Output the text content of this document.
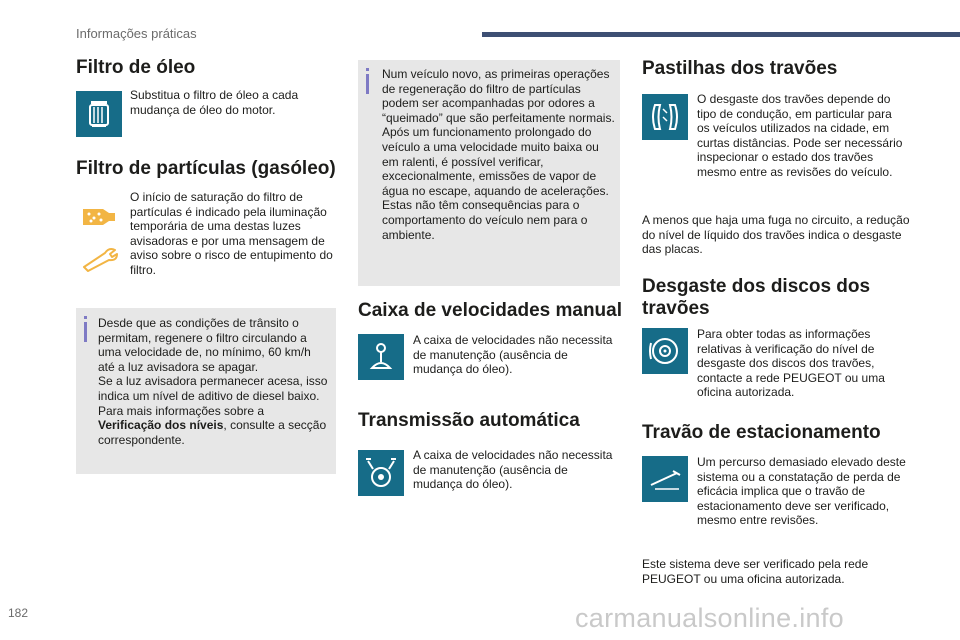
Informações práticas
Filtro de óleo

Substitua o filtro de óleo a cada mudança de óleo do motor.

Filtro de partículas (gasóleo)

O início de saturação do filtro de partículas é indicado pela iluminação temporária de uma destas luzes avisadoras e por uma mensagem de aviso sobre o risco de entupimento do filtro.

Desde que as condições de trânsito o permitam, regenere o filtro circulando a uma velocidade de, no mínimo, 60 km/h até a luz avisadora se apagar.
Se a luz avisadora permanecer acesa, isso indica um nível de aditivo de diesel baixo.
Para mais informações sobre a Verificação dos níveis, consulte a secção correspondente.

Num veículo novo, as primeiras operações de regeneração do filtro de partículas podem ser acompanhadas por odores a “queimado” que são perfeitamente normais.
Após um funcionamento prolongado do veículo a uma velocidade muito baixa ou em ralenti, é possível verificar, excecionalmente, emissões de vapor de água no escape, aquando de acelerações. Estas não têm consequências para o comportamento do veículo nem para o ambiente.

Caixa de velocidades manual

A caixa de velocidades não necessita de manutenção (ausência de mudança do óleo).

Transmissão automática

A caixa de velocidades não necessita de manutenção (ausência de mudança do óleo).

Pastilhas dos travões

O desgaste dos travões depende do tipo de condução, em particular para os veículos utilizados na cidade, em curtas distâncias. Pode ser necessário inspecionar o estado dos travões mesmo entre as revisões do veículo.

A menos que haja uma fuga no circuito, a redução do nível de líquido dos travões indica o desgaste das placas.

Desgaste dos discos dos
travões

Para obter todas as informações relativas à verificação do nível de desgaste dos discos dos travões, contacte a rede PEUGEOT ou uma oficina autorizada.

Travão de estacionamento

Um percurso demasiado elevado deste sistema ou a constatação de perda de eficácia implica que o travão de estacionamento deve ser verificado, mesmo entre revisões.

Este sistema deve ser verificado pela rede PEUGEOT ou uma oficina autorizada.

182	carmanualsonline.info
